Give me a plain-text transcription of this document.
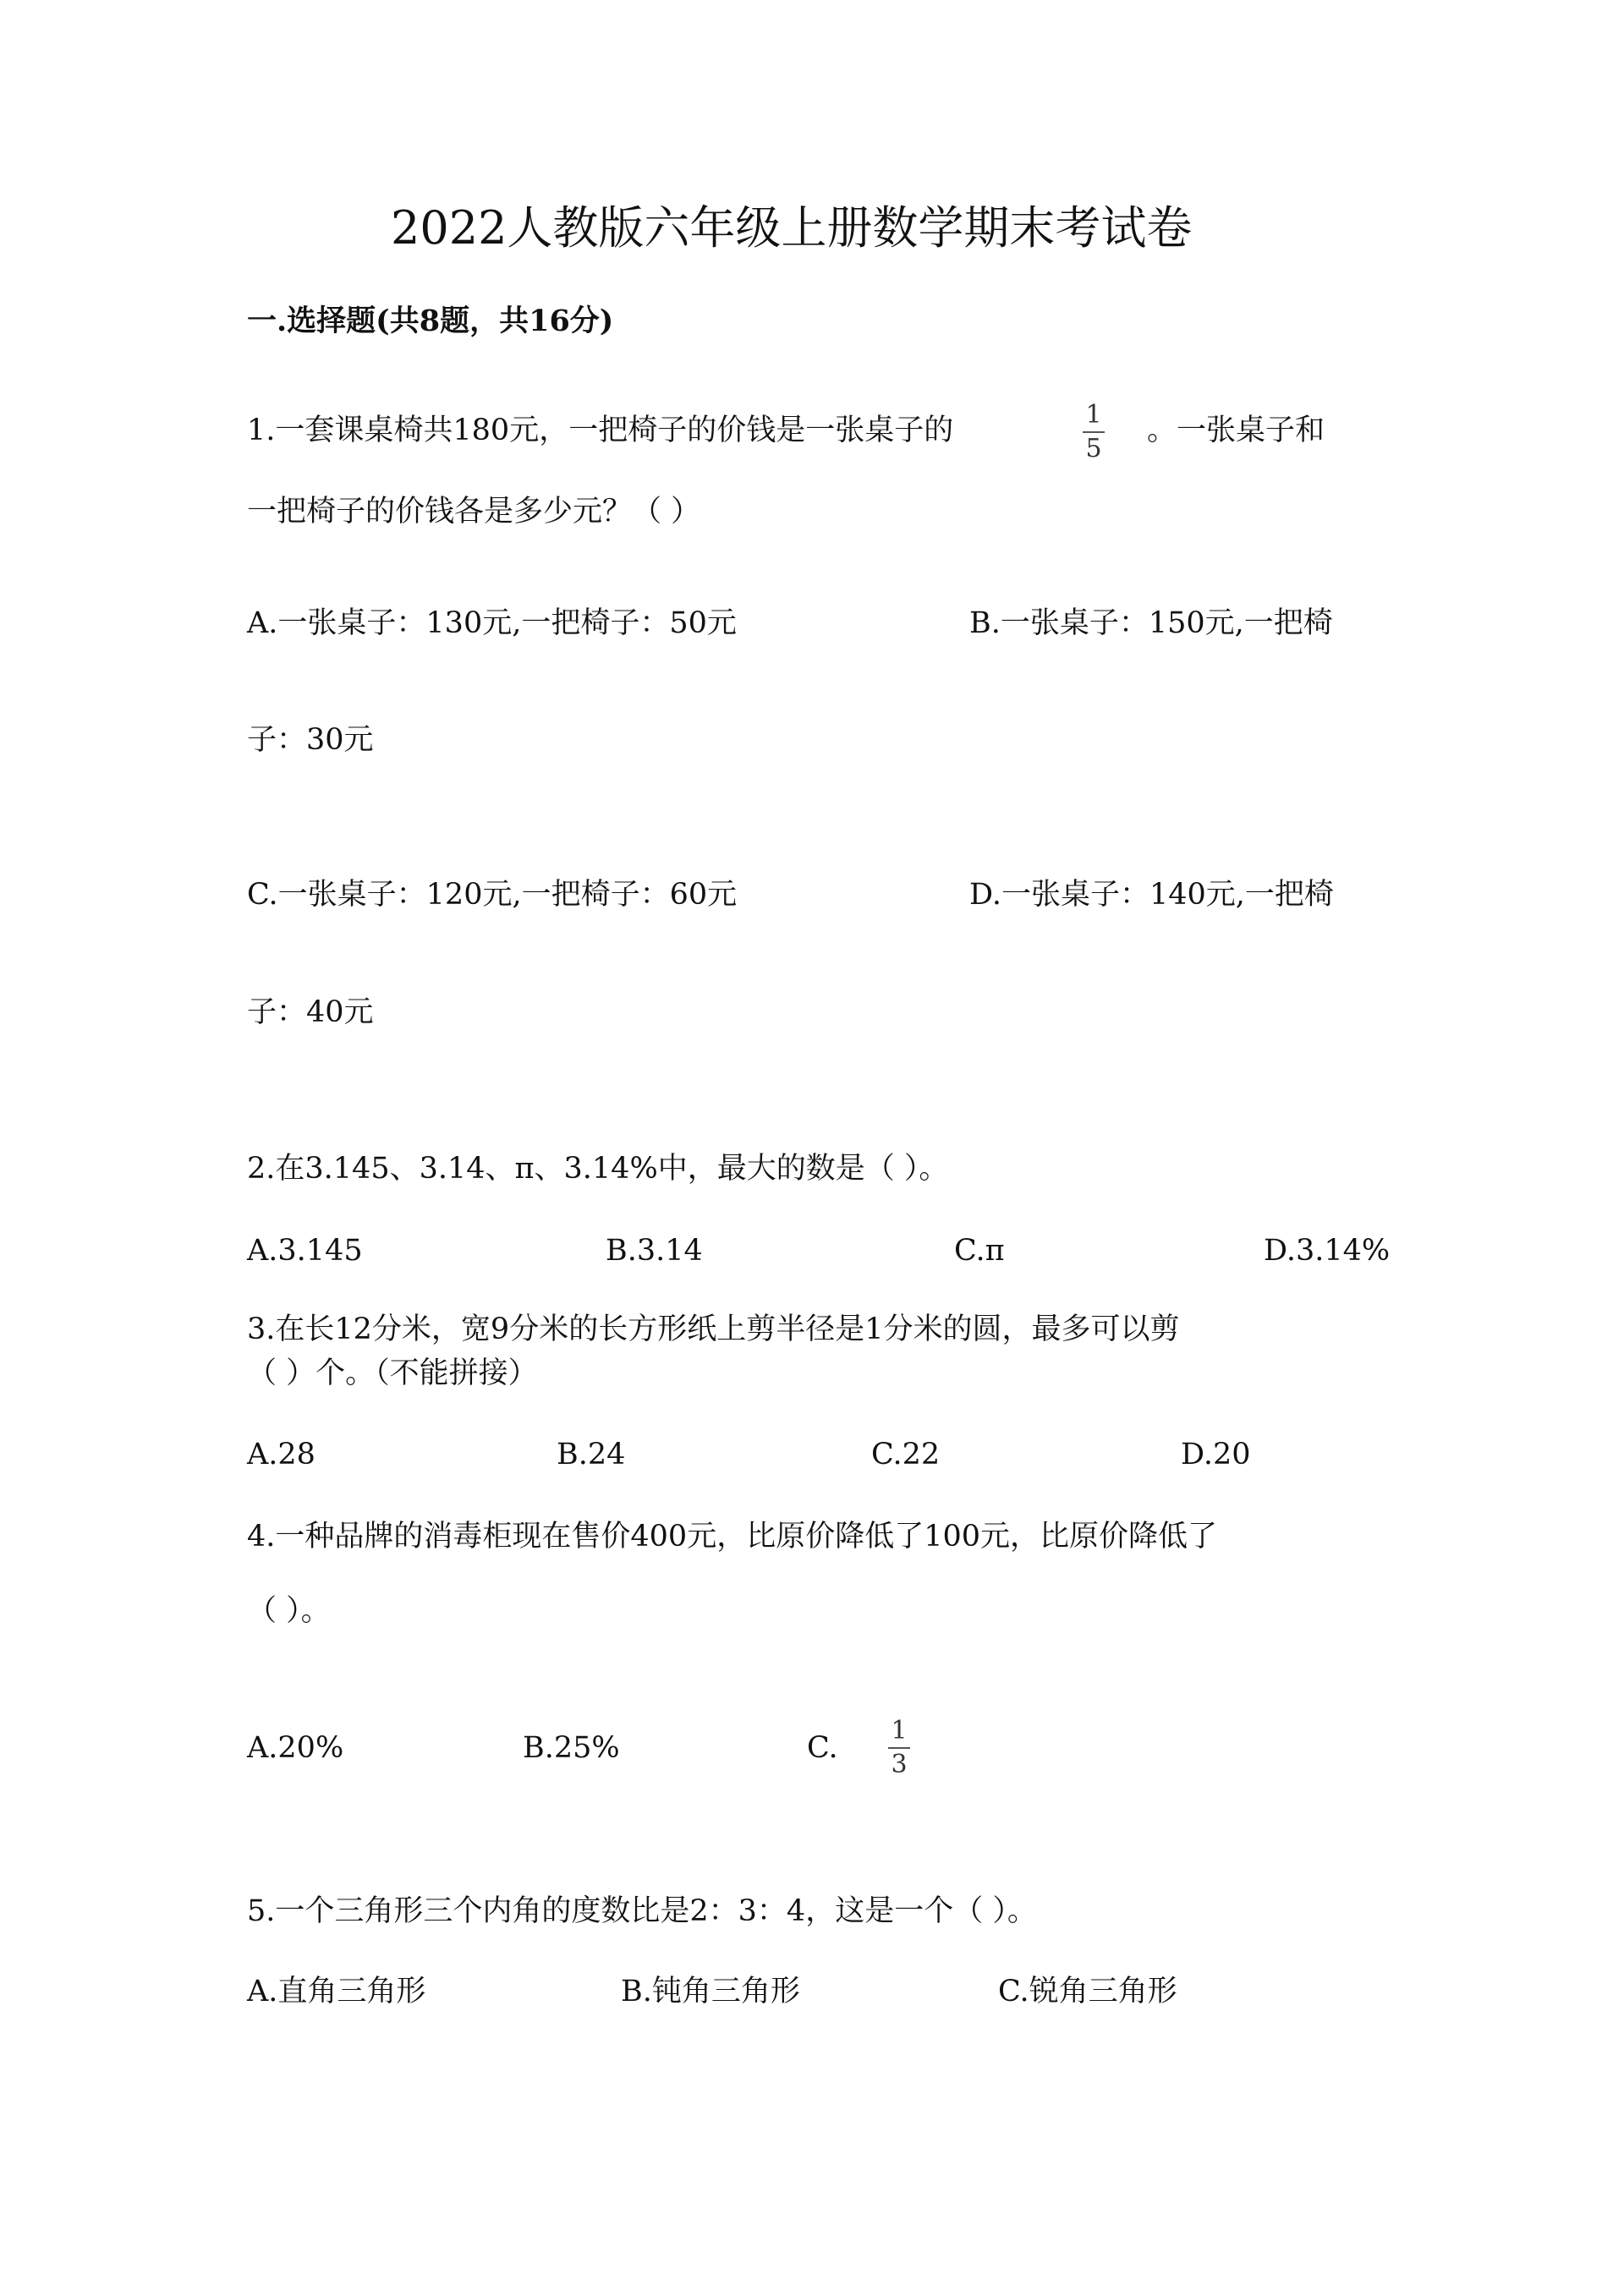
2022人教版六年级上册数学期末考试卷
一.选择题(共8题，共16分)
1.一套课桌椅共180元，一把椅子的价钱是一张桌子的	1
5
。一张桌子和
一把椅子的价钱各是多少元？（ ）
A.一张桌子：130元,一把椅子：50元	B.一张桌子：150元,一把椅
子：30元
C.一张桌子：120元,一把椅子：60元	D.一张桌子：140元,一把椅
子：40元
2.在3.145、3.14、π、3.14%中，最大的数是（ ）。
A.3.145	B.3.14	C.π	D.3.14%
3.在长12分米，宽9分米的长方形纸上剪半径是1分米的圆，最多可以剪
（ ）个。（不能拼接）
A.28	B.24	C.22	D.20
4.一种品牌的消毒柜现在售价400元，比原价降低了100元，比原价降低了
（ ）。
A.20%	B.25%	C.
1
3
5.一个三角形三个内角的度数比是2：3：4，这是一个（ ）。
A.直角三角形	B.钝角三角形	C.锐角三角形
